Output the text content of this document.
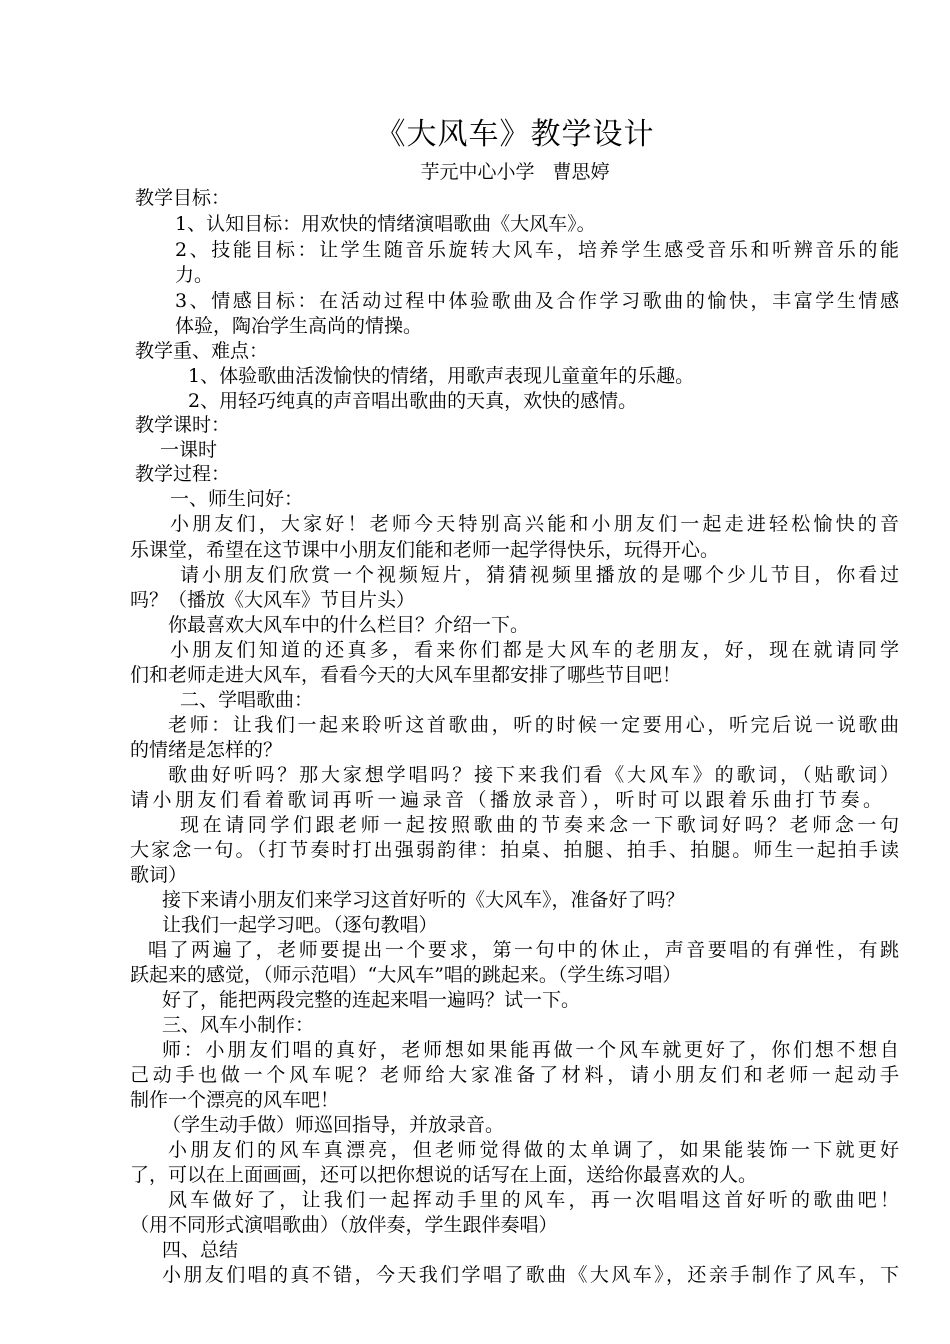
《大风车》教学设计
芋元中心小学 曹思婷
教学目标：
1、认知目标：用欢快的情绪演唱歌曲《大风车》。
2、技能目标：让学生随音乐旋转大风车，培养学生感受音乐和听辨音乐的能
力。
3、情感目标：在活动过程中体验歌曲及合作学习歌曲的愉快，丰富学生情感
体验，陶冶学生高尚的情操。
教学重、难点：
1、体验歌曲活泼愉快的情绪，用歌声表现儿童童年的乐趣。
2、用轻巧纯真的声音唱出歌曲的天真，欢快的感情。
教学课时：
一课时
教学过程：
一、师生问好：
小朋友们，大家好！老师今天特别高兴能和小朋友们一起走进轻松愉快的音
乐课堂，希望在这节课中小朋友们能和老师一起学得快乐，玩得开心。
请小朋友们欣赏一个视频短片，猜猜视频里播放的是哪个少儿节目，你看过
吗？（播放《大风车》节目片头）
你最喜欢大风车中的什么栏目？介绍一下。
小朋友们知道的还真多，看来你们都是大风车的老朋友，好，现在就请同学
们和老师走进大风车，看看今天的大风车里都安排了哪些节目吧！
二、学唱歌曲：
老师：让我们一起来聆听这首歌曲，听的时候一定要用心，听完后说一说歌曲
的情绪是怎样的？
歌曲好听吗？那大家想学唱吗？接下来我们看《大风车》的歌词，（贴歌词）
请小朋友们看着歌词再听一遍录音（播放录音），听时可以跟着乐曲打节奏。
现在请同学们跟老师一起按照歌曲的节奏来念一下歌词好吗？老师念一句
大家念一句。（打节奏时打出强弱韵律：拍桌、拍腿、拍手、拍腿。师生一起拍手读
歌词）
接下来请小朋友们来学习这首好听的《大风车》，准备好了吗？
让我们一起学习吧。（逐句教唱）
唱了两遍了，老师要提出一个要求，第一句中的休止，声音要唱的有弹性，有跳
跃起来的感觉，（师示范唱）“大风车”唱的跳起来。（学生练习唱）
好了，能把两段完整的连起来唱一遍吗？试一下。
三、风车小制作：
师：小朋友们唱的真好，老师想如果能再做一个风车就更好了，你们想不想自
己动手也做一个风车呢？老师给大家准备了材料，请小朋友们和老师一起动手
制作一个漂亮的风车吧！
（学生动手做）师巡回指导，并放录音。
小朋友们的风车真漂亮，但老师觉得做的太单调了，如果能装饰一下就更好
了，可以在上面画画，还可以把你想说的话写在上面，送给你最喜欢的人。
风车做好了，让我们一起挥动手里的风车，再一次唱唱这首好听的歌曲吧！
（用不同形式演唱歌曲）（放伴奏，学生跟伴奏唱）
四、总结
小朋友们唱的真不错，今天我们学唱了歌曲《大风车》，还亲手制作了风车，下
